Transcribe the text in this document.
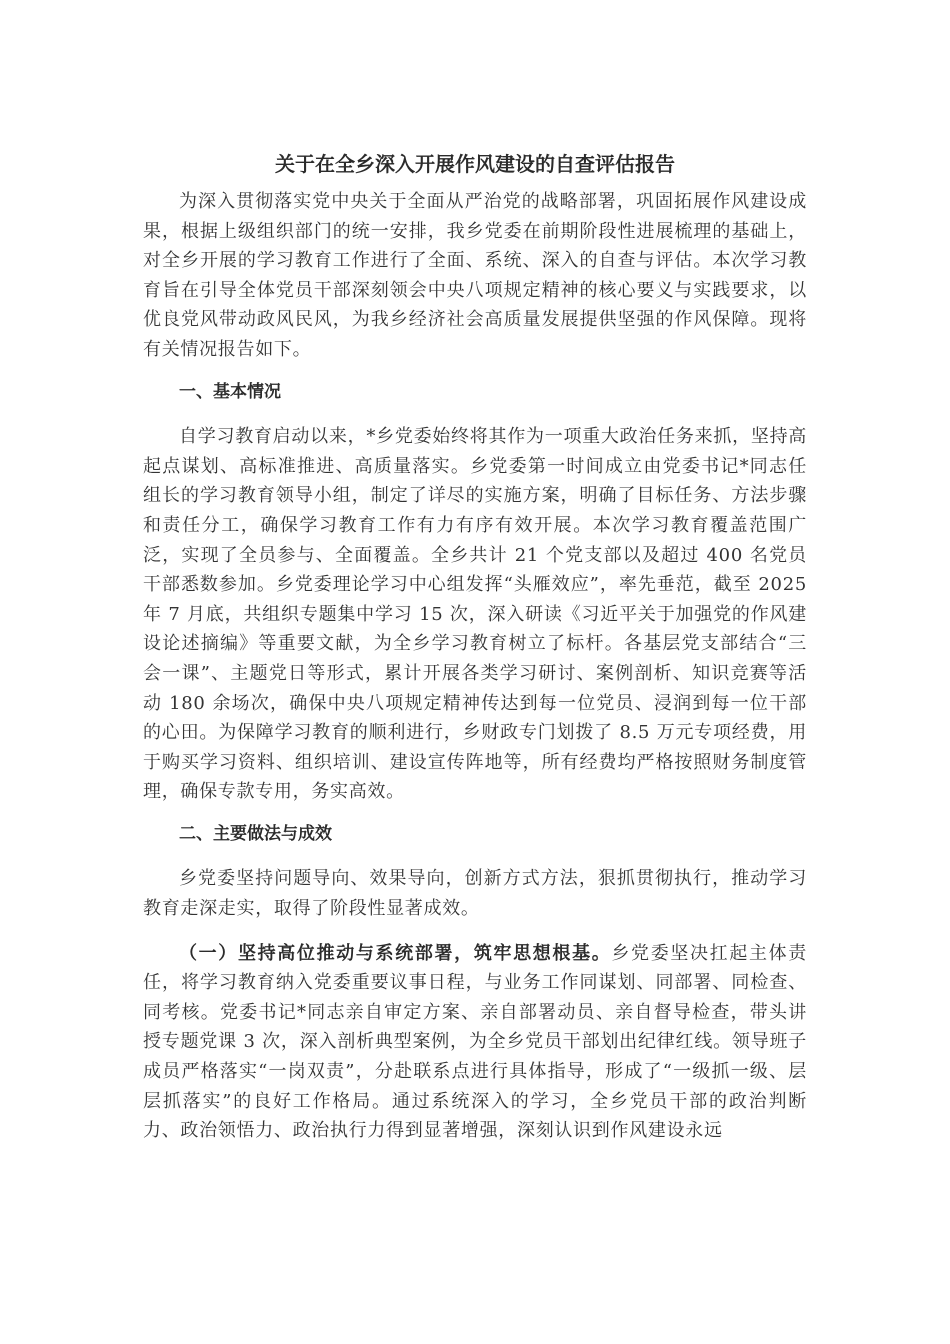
关于在全乡深入开展作风建设的自查评估报告

为深入贯彻落实党中央关于全面从严治党的战略部署，巩固拓展作风建设成果，根据上级组织部门的统一安排，我乡党委在前期阶段性进展梳理的基础上，对全乡开展的学习教育工作进行了全面、系统、深入的自查与评估。本次学习教育旨在引导全体党员干部深刻领会中央八项规定精神的核心要义与实践要求，以优良党风带动政风民风，为我乡经济社会高质量发展提供坚强的作风保障。现将有关情况报告如下。

一、基本情况

自学习教育启动以来，*乡党委始终将其作为一项重大政治任务来抓，坚持高起点谋划、高标准推进、高质量落实。乡党委第一时间成立由党委书记*同志任组长的学习教育领导小组，制定了详尽的实施方案，明确了目标任务、方法步骤和责任分工，确保学习教育工作有力有序有效开展。本次学习教育覆盖范围广泛，实现了全员参与、全面覆盖。全乡共计 21 个党支部以及超过 400 名党员干部悉数参加。乡党委理论学习中心组发挥“头雁效应”，率先垂范，截至 2025 年 7 月底，共组织专题集中学习 15 次，深入研读《习近平关于加强党的作风建设论述摘编》等重要文献，为全乡学习教育树立了标杆。各基层党支部结合“三会一课”、主题党日等形式，累计开展各类学习研讨、案例剖析、知识竞赛等活动 180 余场次，确保中央八项规定精神传达到每一位党员、浸润到每一位干部的心田。为保障学习教育的顺利进行，乡财政专门划拨了 8.5 万元专项经费，用于购买学习资料、组织培训、建设宣传阵地等，所有经费均严格按照财务制度管理，确保专款专用，务实高效。

二、主要做法与成效

乡党委坚持问题导向、效果导向，创新方式方法，狠抓贯彻执行，推动学习教育走深走实，取得了阶段性显著成效。

（一）坚持高位推动与系统部署，筑牢思想根基。乡党委坚决扛起主体责任，将学习教育纳入党委重要议事日程，与业务工作同谋划、同部署、同检查、同考核。党委书记*同志亲自审定方案、亲自部署动员、亲自督导检查，带头讲授专题党课 3 次，深入剖析典型案例，为全乡党员干部划出纪律红线。领导班子成员严格落实“一岗双责”，分赴联系点进行具体指导，形成了“一级抓一级、层层抓落实”的良好工作格局。通过系统深入的学习，全乡党员干部的政治判断力、政治领悟力、政治执行力得到显著增强，深刻认识到作风建设永远
